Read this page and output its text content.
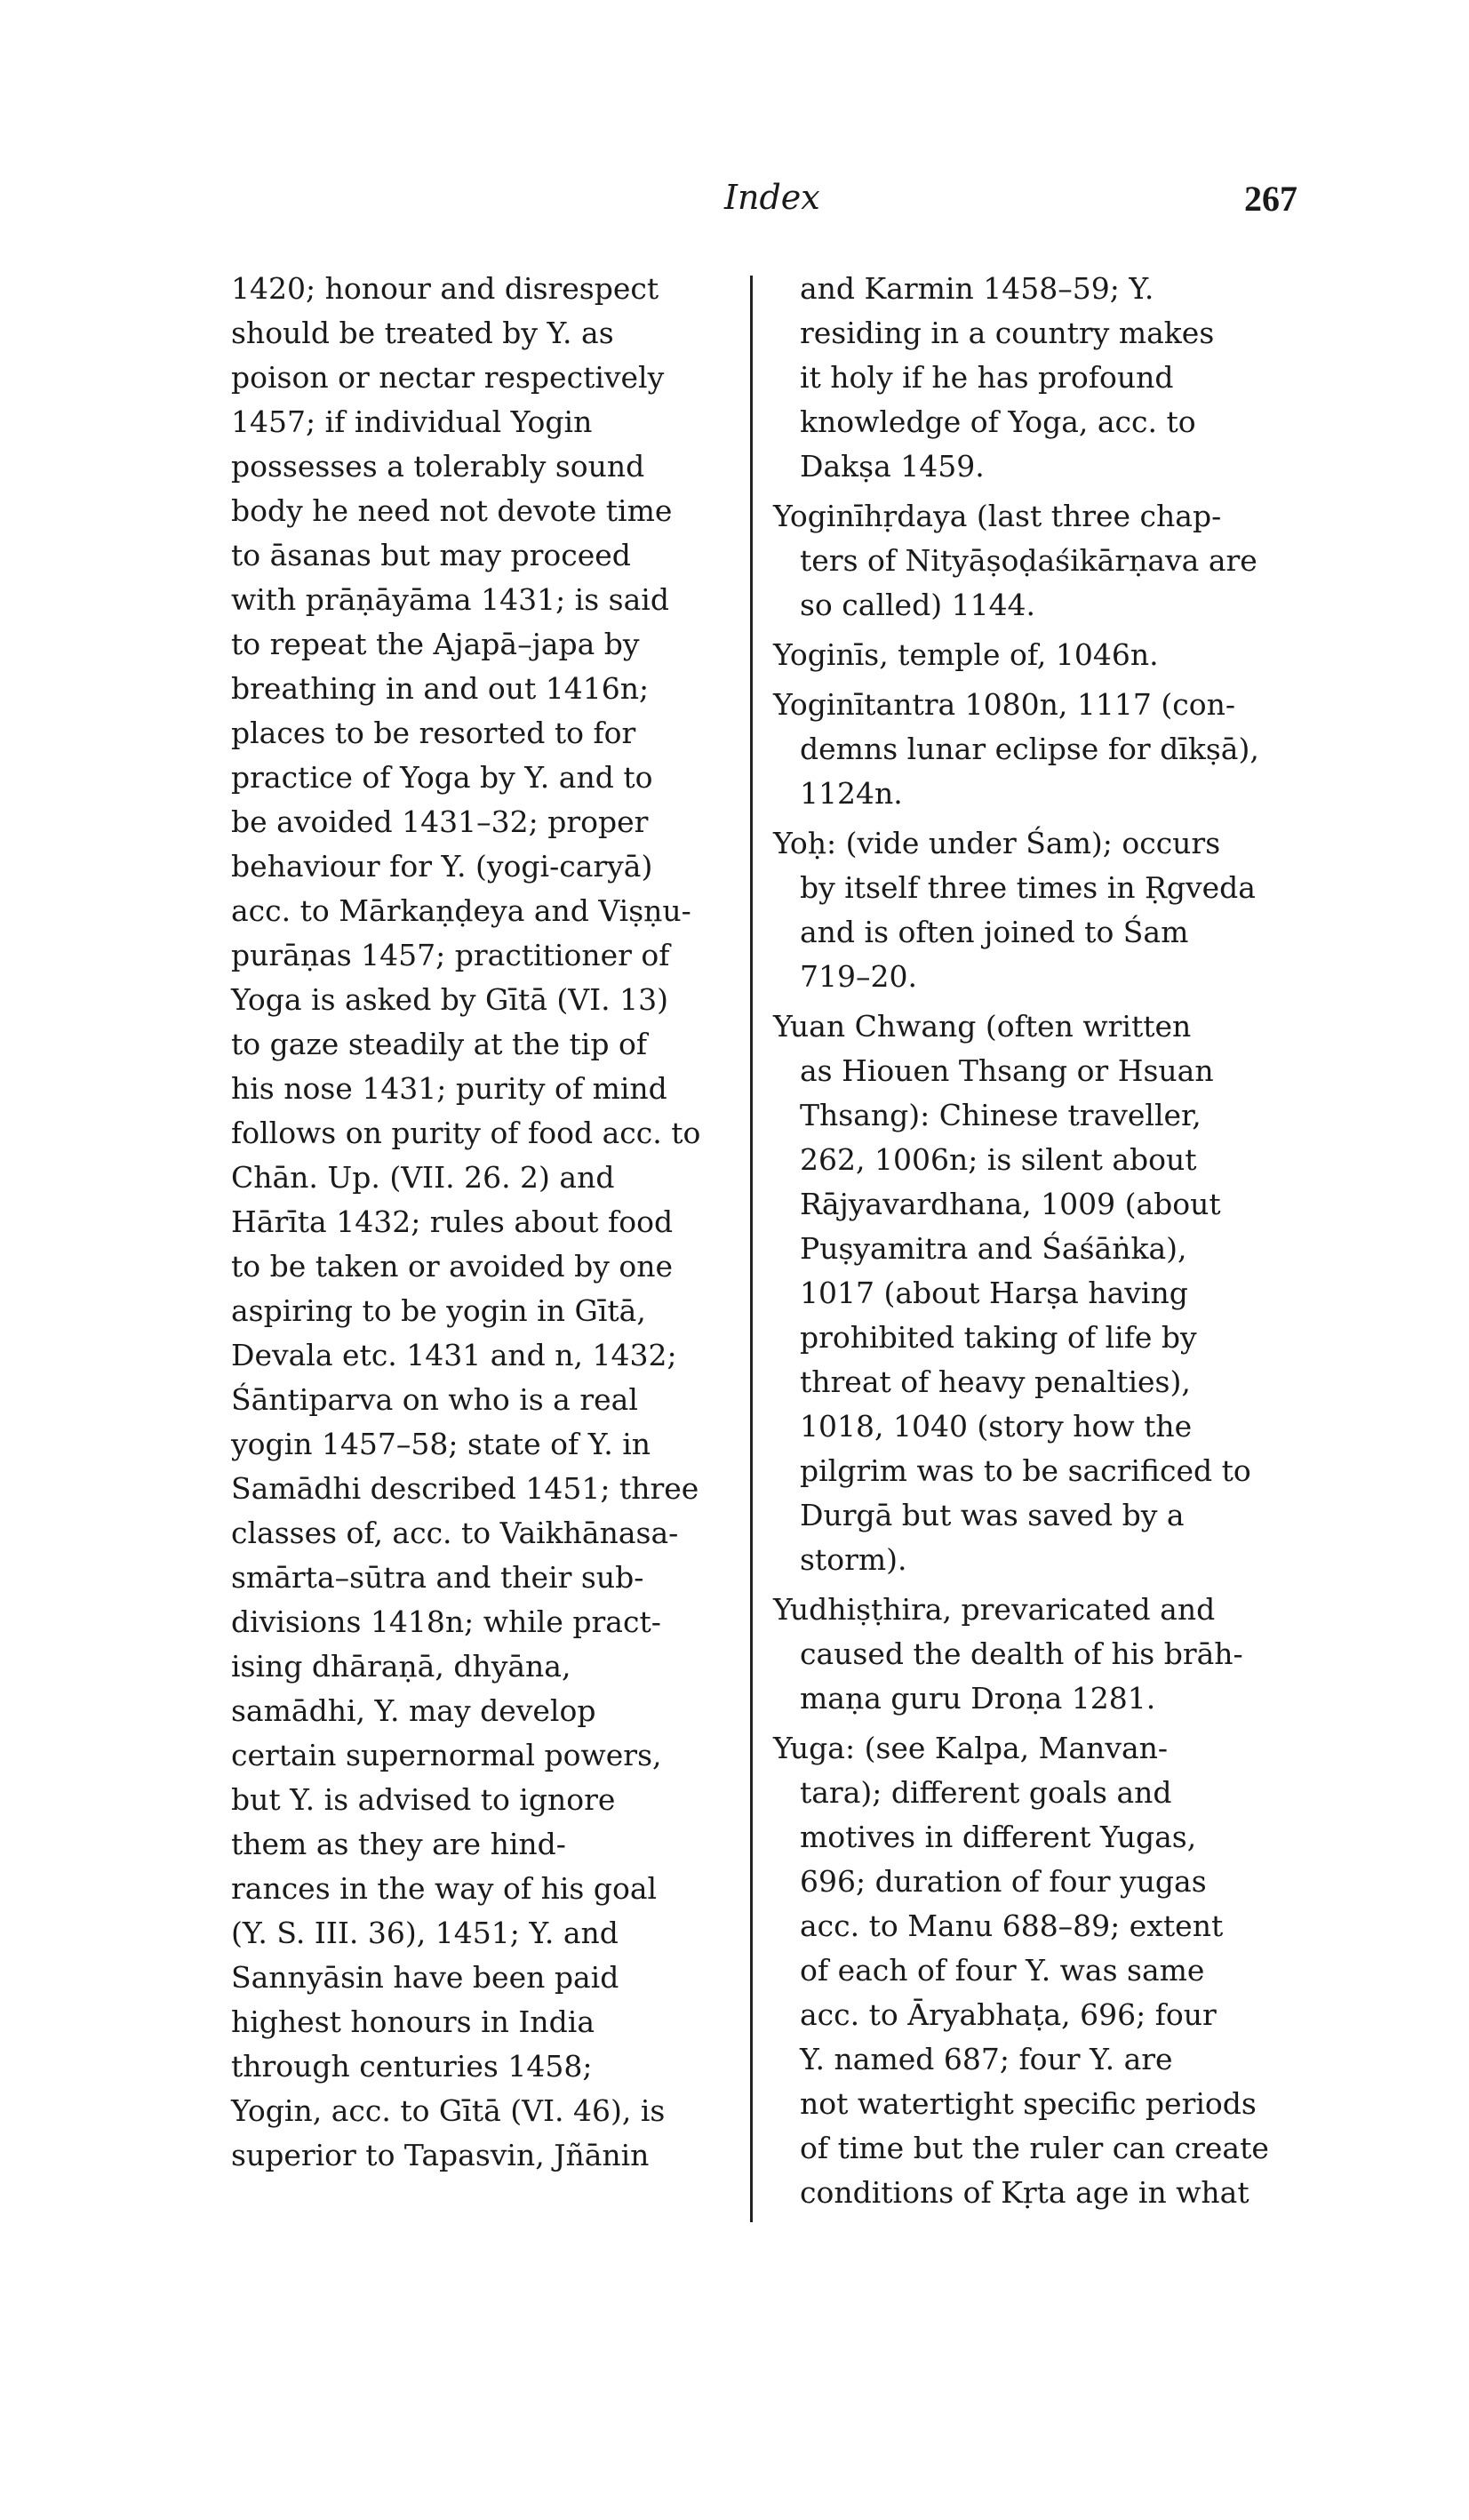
Index	267
1420; honour and disrespect
should be treated by Y. as
poison or nectar respectively
1457; if individual Yogin
possesses a tolerably sound
body he need not devote time
to āsanas but may proceed
with prāṇāyāma 1431; is said
to repeat the Ajapā–japa by
breathing in and out 1416n;
places to be resorted to for
practice of Yoga by Y. and to
be avoided 1431–32; proper
behaviour for Y. (yogi-caryā)
acc. to Mārkaṇḍeya and Viṣṇu-
purāṇas 1457; practitioner of
Yoga is asked by Gītā (VI. 13)
to gaze steadily at the tip of
his nose 1431; purity of mind
follows on purity of food acc. to
Chān. Up. (VII. 26. 2) and
Hārīta 1432; rules about food
to be taken or avoided by one
aspiring to be yogin in Gītā,
Devala etc. 1431 and n, 1432;
Śāntiparva on who is a real
yogin 1457–58; state of Y. in
Samādhi described 1451; three
classes of, acc. to Vaikhānasa-
smārta–sūtra and their sub-
divisions 1418n; while pract-
ising dhāraṇā, dhyāna,
samādhi, Y. may develop
certain supernormal powers,
but Y. is advised to ignore
them as they are hind-
rances in the way of his goal
(Y. S. III. 36), 1451; Y. and
Sannyāsin have been paid
highest honours in India
through centuries 1458;
Yogin, acc. to Gītā (VI. 46), is
superior to Tapasvin, Jñānin
and Karmin 1458–59; Y.
residing in a country makes
it holy if he has profound
knowledge of Yoga, acc. to
Dakṣa 1459.
Yoginīhṛdaya (last three chap-
ters of Nityāṣoḍaśikārṇava are
so called) 1144.
Yoginīs, temple of, 1046n.
Yoginītantra 1080n, 1117 (con-
demns lunar eclipse for dīkṣā),
1124n.
Yoḥ: (vide under Śam); occurs
by itself three times in Ṛgveda
and is often joined to Śam
719–20.
Yuan Chwang (often written
as Hiouen Thsang or Hsuan
Thsang): Chinese traveller,
262, 1006n; is silent about
Rājyavardhana, 1009 (about
Puṣyamitra and Śaśāṅka),
1017 (about Harṣa having
prohibited taking of life by
threat of heavy penalties),
1018, 1040 (story how the
pilgrim was to be sacrificed to
Durgā but was saved by a
storm).
Yudhiṣṭhira, prevaricated and
caused the dealth of his brāh-
maṇa guru Droṇa 1281.
Yuga: (see Kalpa, Manvan-
tara); different goals and
motives in different Yugas,
696; duration of four yugas
acc. to Manu 688–89; extent
of each of four Y. was same
acc. to Āryabhaṭa, 696; four
Y. named 687; four Y. are
not watertight specific periods
of time but the ruler can create
conditions of Kṛta age in what
